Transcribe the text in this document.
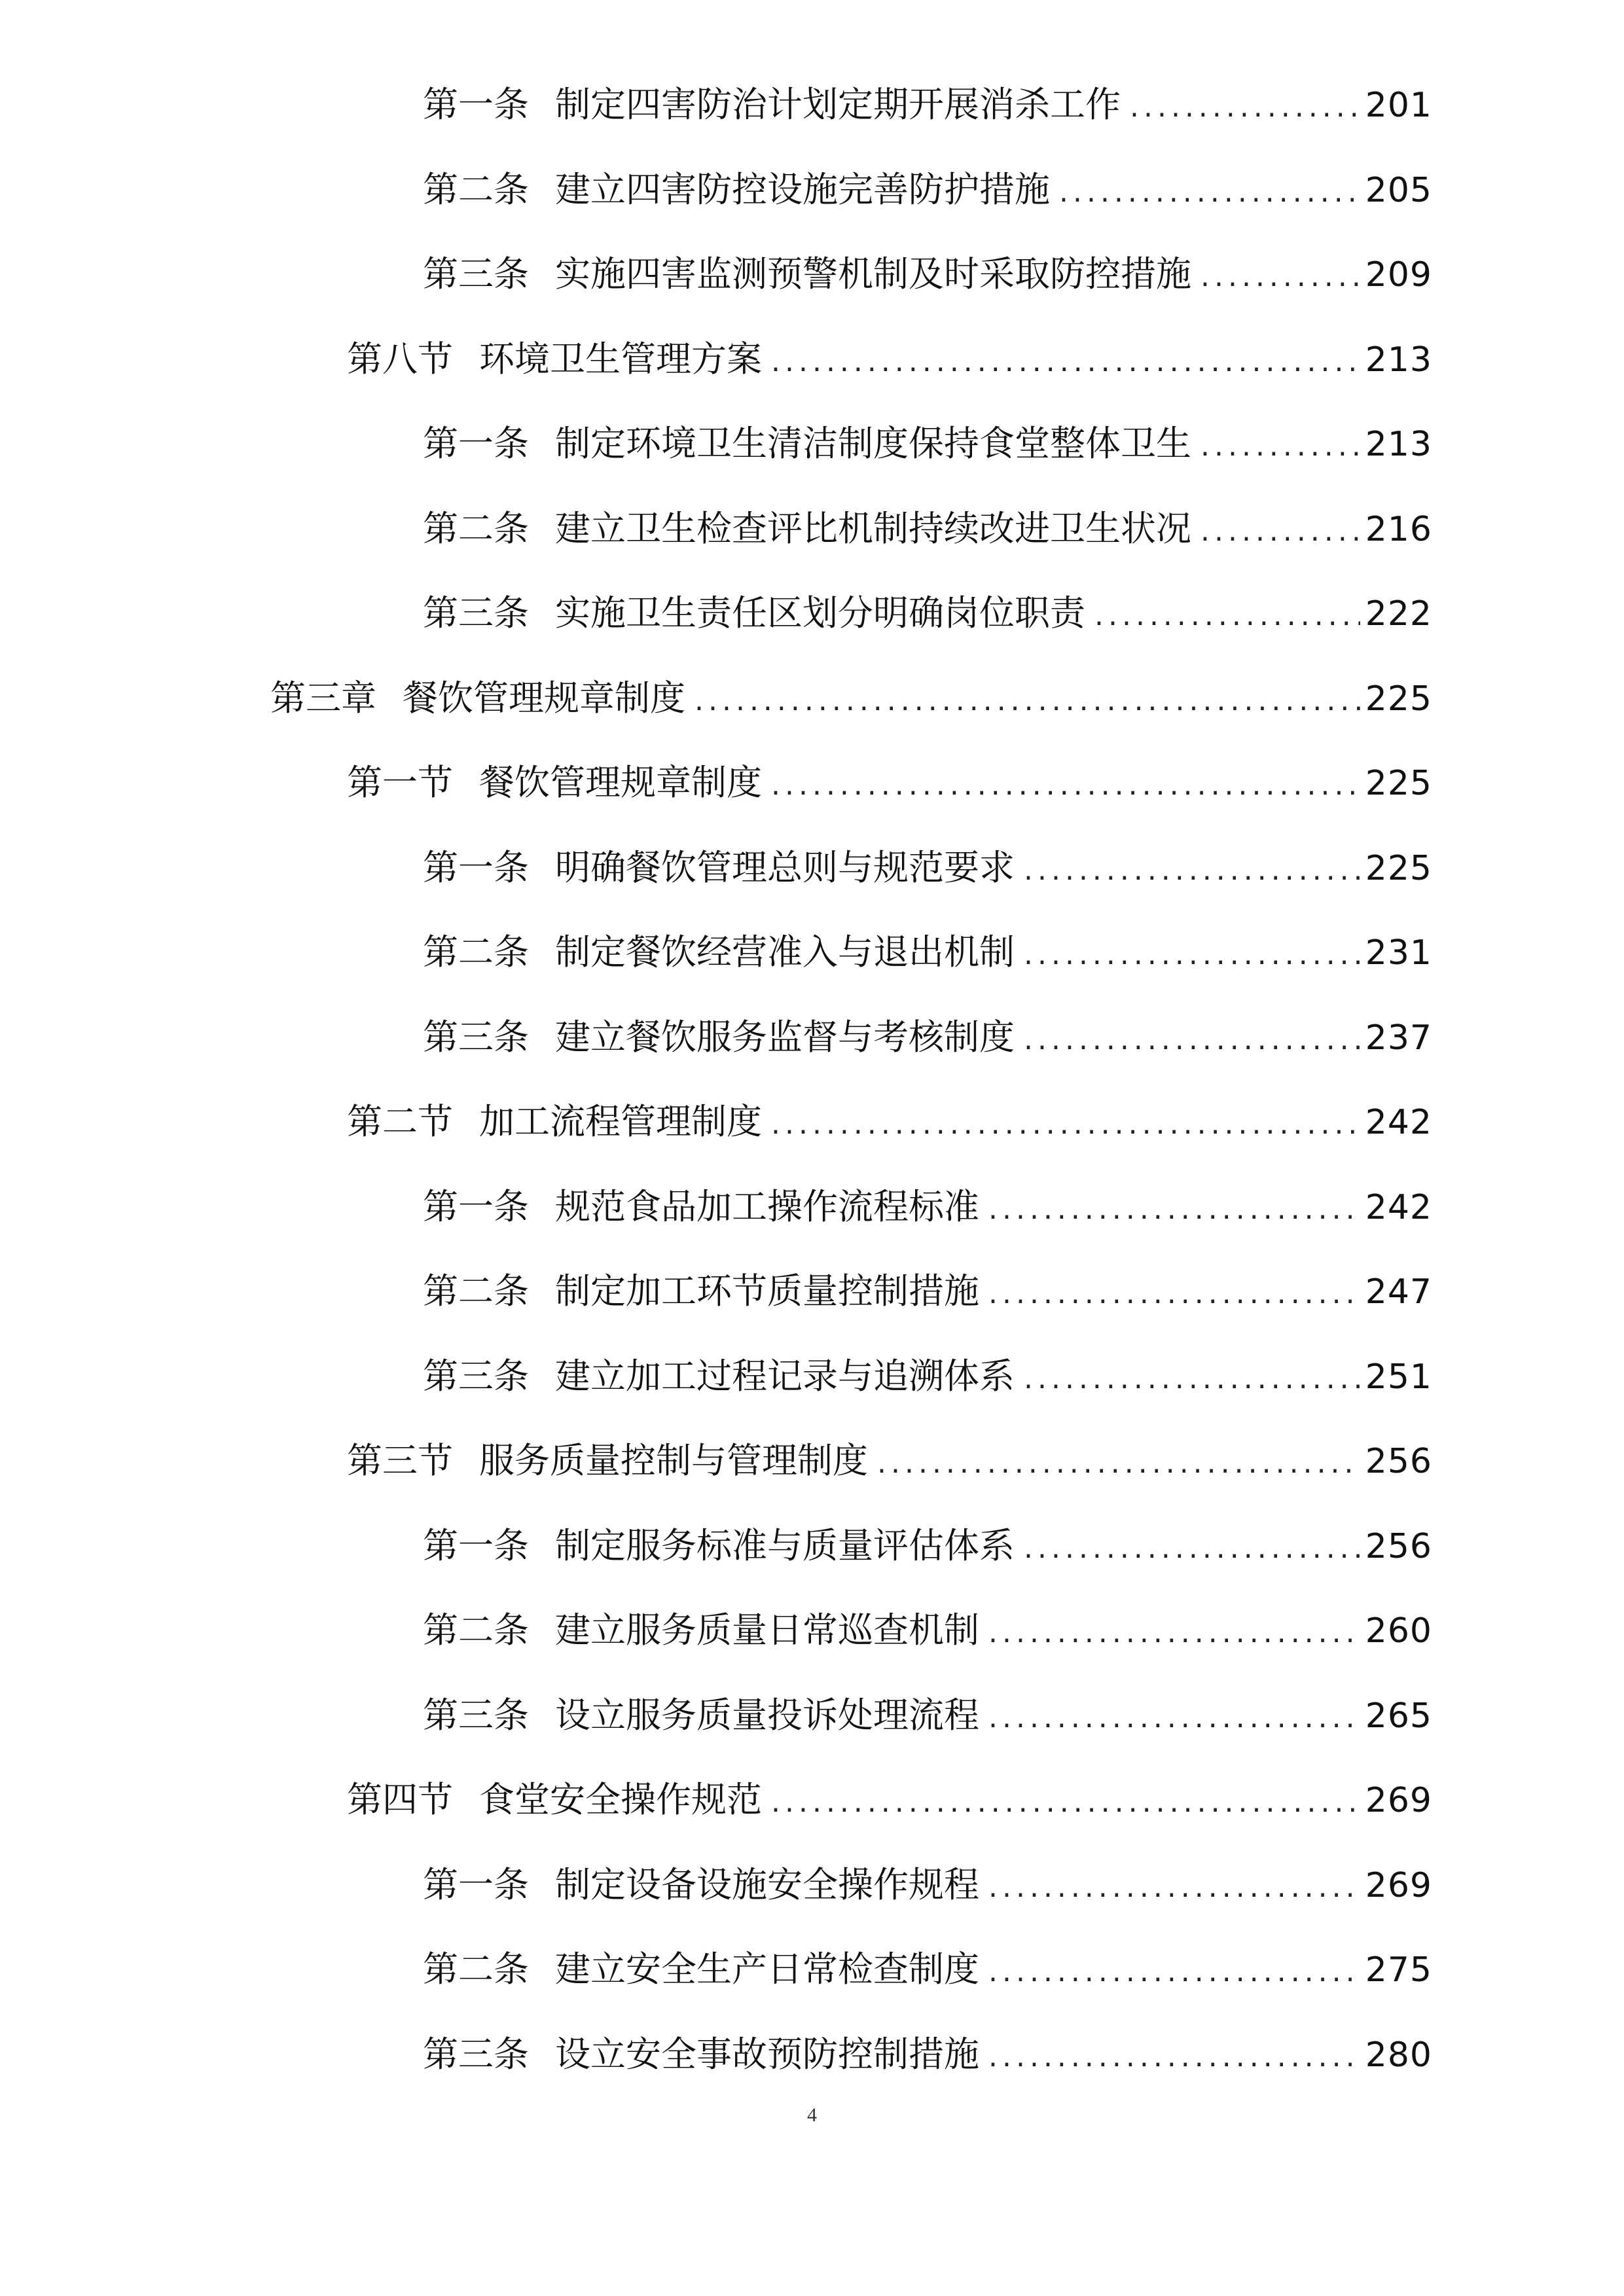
第一条 制定四害防治计划定期开展消杀工作 .....	201
第二条 建立四害防控设施完善防护措施 .....	205
第三条 实施四害监测预警机制及时采取防控措施 .....	209
第八节 环境卫生管理方案 .....	213
第一条 制定环境卫生清洁制度保持食堂整体卫生 .....	213
第二条 建立卫生检查评比机制持续改进卫生状况 .....	216
第三条 实施卫生责任区划分明确岗位职责 .....	222
第三章 餐饮管理规章制度 .....	225
第一节 餐饮管理规章制度 .....	225
第一条 明确餐饮管理总则与规范要求 .....	225
第二条 制定餐饮经营准入与退出机制 .....	231
第三条 建立餐饮服务监督与考核制度 .....	237
第二节 加工流程管理制度 .....	242
第一条 规范食品加工操作流程标准 .....	242
第二条 制定加工环节质量控制措施 .....	247
第三条 建立加工过程记录与追溯体系 .....	251
第三节 服务质量控制与管理制度 .....	256
第一条 制定服务标准与质量评估体系 .....	256
第二条 建立服务质量日常巡查机制 .....	260
第三条 设立服务质量投诉处理流程 .....	265
第四节 食堂安全操作规范 .....	269
第一条 制定设备设施安全操作规程 .....	269
第二条 建立安全生产日常检查制度 .....	275
第三条 设立安全事故预防控制措施 .....	280
4
